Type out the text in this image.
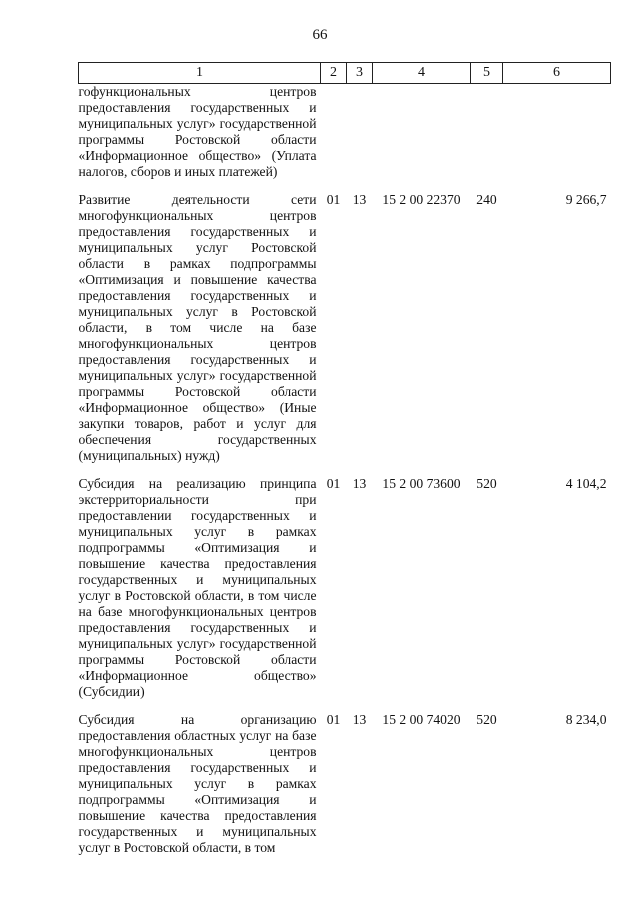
66
1	2	3	4	5	6
гофункциональных центров предоставления государственных и муниципальных услуг» государственной программы Ростовской области «Информационное общество» (Уплата налогов, сборов и иных платежей)					
Развитие деятельности сети многофункциональных центров предоставления государственных и муниципальных услуг Ростовской области в рамках подпрограммы «Оптимизация и повышение качества предоставления государственных и муниципальных услуг в Ростовской области, в том числе на базе многофункциональных центров предоставления государственных и муниципальных услуг» государственной программы Ростовской области «Информационное общество» (Иные закупки товаров, работ и услуг для обеспечения государственных (муниципальных) нужд)	01	13	15 2 00 22370	240	9 266,7
Субсидия на реализацию принципа экстерриториальности при предоставлении государственных и муниципальных услуг в рамках подпрограммы «Оптимизация и повышение качества предоставления государственных и муниципальных услуг в Ростовской области, в том числе на базе многофункциональных центров предоставления государственных и муниципальных услуг» государственной программы Ростовской области «Информационное общество» (Субсидии)	01	13	15 2 00 73600	520	4 104,2
Субсидия на организацию предоставления областных услуг на базе многофункциональных центров предоставления государственных и муниципальных услуг в рамках подпрограммы «Оптимизация и повышение качества предоставления государственных и муниципальных услуг в Ростовской области, в том	01	13	15 2 00 74020	520	8 234,0
